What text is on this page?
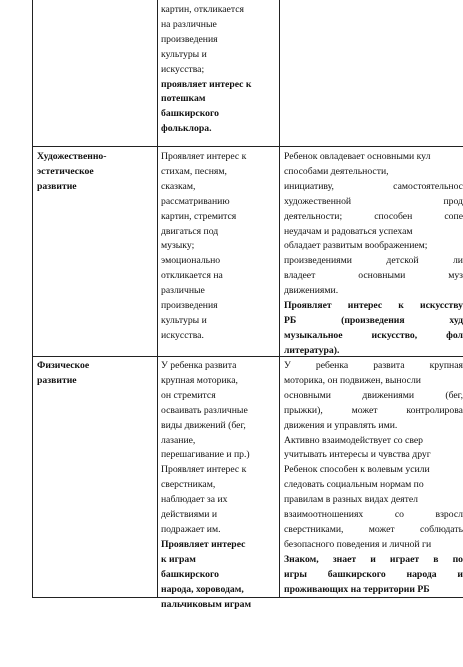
картин, откликается
на различные
произведения
культуры и
искусства;
проявляет интерес к
потешкам
башкирского
фольклора.
Художественно-
эстетическое
развитие
Проявляет интерес к
стихам, песням,
сказкам,
рассматриванию
картин, стремится
двигаться под
музыку;
эмоционально
откликается на
различные
произведения
культуры и
искусства.
Ребенок овладевает основными кул
способами деятельности,
инициативу, самостоятельнос
художественной прод
деятельности; способен сопе
неудачам и радоваться успехам
обладает развитым воображением;
произведениями детской ли
владеет основными муз
движениями.
Проявляет интерес к искусству
РБ (произведения худ
музыкальное искусство, фол
литература).
Физическое
развитие
У ребенка развита
крупная моторика,
он стремится
осваивать различные
виды движений (бег,
лазание,
перешагивание и пр.)
Проявляет интерес к
сверстникам,
наблюдает за их
действиями и
подражает им.
Проявляет интерес
к играм
башкирского
народа, хороводам,
пальчиковым играм
У ребенка развита крупная
моторика, он подвижен, выносли
основными движениями (бег,
прыжки), может контролирова
движения и управлять ими.
Активно взаимодействует со свер
учитывать интересы и чувства друг
Ребенок способен к волевым усили
следовать социальным нормам по
правилам в разных видах деятел
взаимоотношениях со взросл
сверстниками, может соблюдать
безопасного поведения и личной ги
Знаком, знает и играет в по
игры башкирского народа и
проживающих на территории РБ
